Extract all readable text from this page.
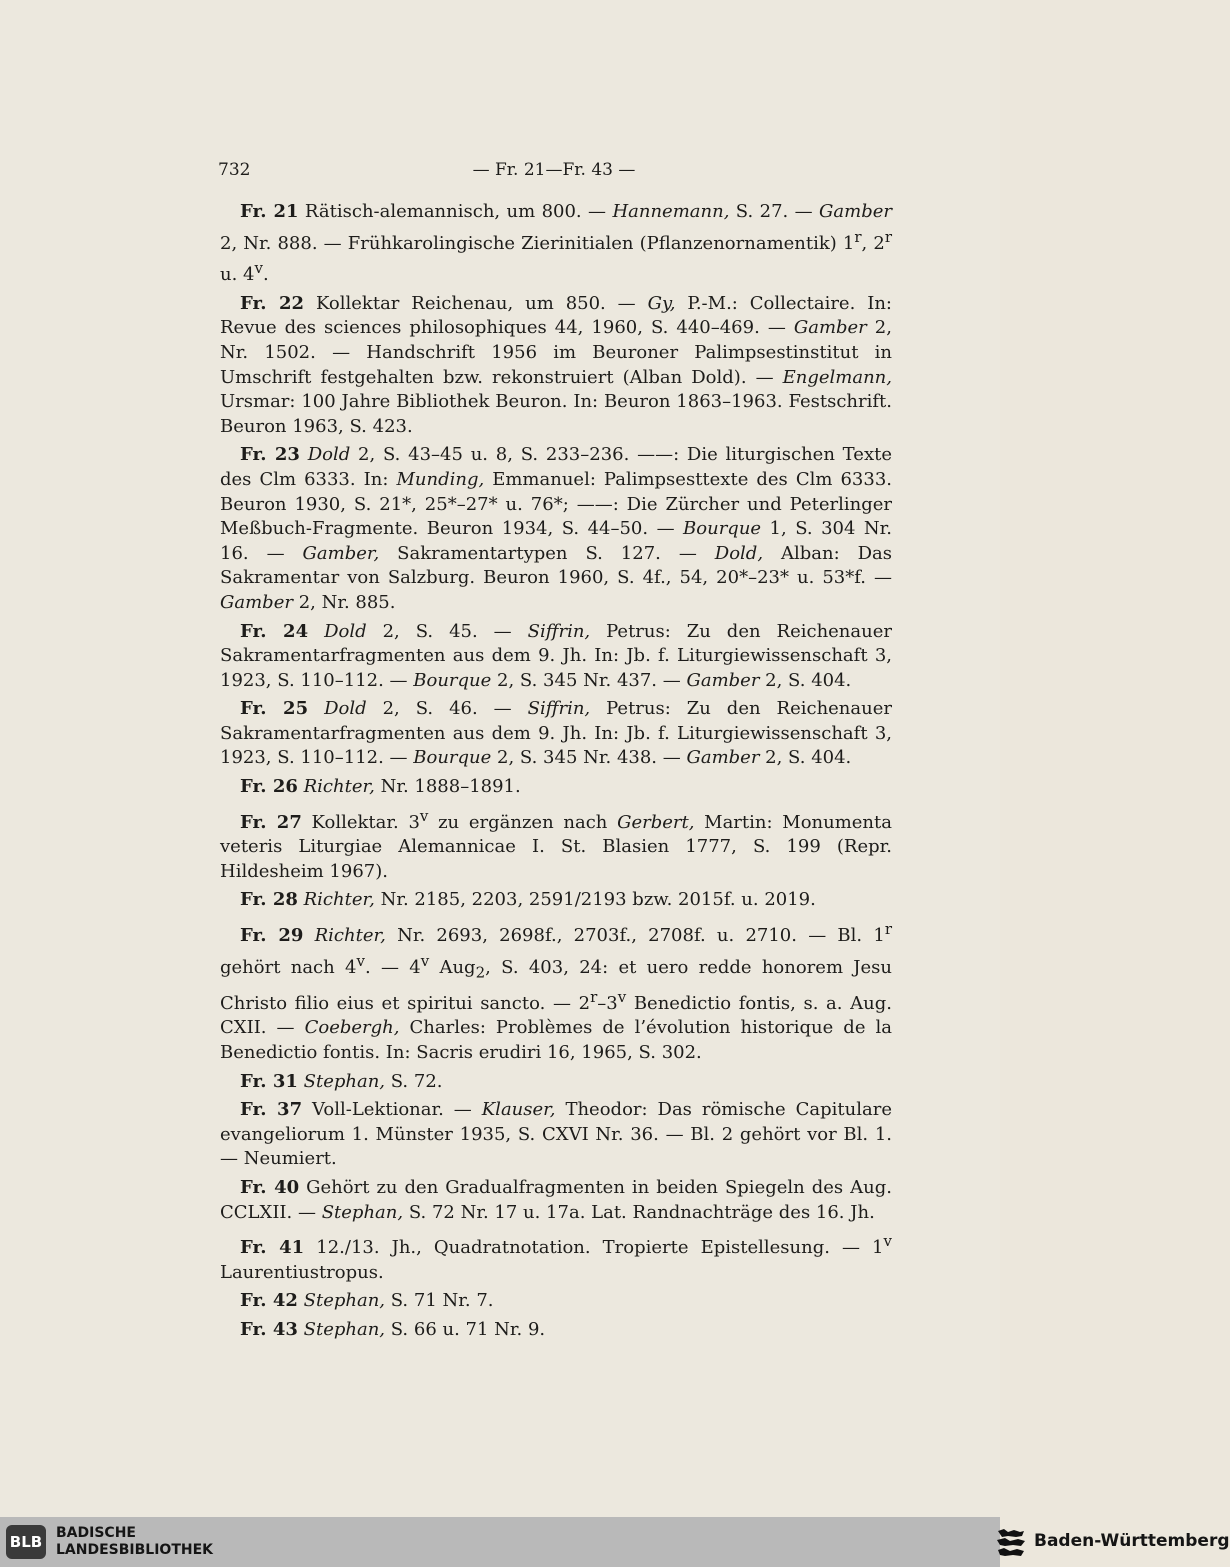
732	— Fr. 21—Fr. 43 —

Fr. 21 Rätisch-alemannisch, um 800. — Hannemann, S. 27. — Gamber 2, Nr. 888. — Frühkarolingische Zierinitialen (Pflanzenornamentik) 1$^r$, 2$^r$ u. 4$^v$.

Fr. 22 Kollektar Reichenau, um 850. — Gy, P.-M.: Collectaire. In: Revue des sciences philosophiques 44, 1960, S. 440–469. — Gamber 2, Nr. 1502. — Handschrift 1956 im Beuroner Palimpsestinstitut in Umschrift festgehalten bzw. rekonstruiert (Alban Dold). — Engelmann, Ursmar: 100 Jahre Bibliothek Beuron. In: Beuron 1863–1963. Festschrift. Beuron 1963, S. 423.

Fr. 23 Dold 2, S. 43–45 u. 8, S. 233–236. ——: Die liturgischen Texte des Clm 6333. In: Munding, Emmanuel: Palimpsesttexte des Clm 6333. Beuron 1930, S. 21*, 25*–27* u. 76*; ——: Die Zürcher und Peterlinger Meßbuch-Fragmente. Beuron 1934, S. 44–50. — Bourque 1, S. 304 Nr. 16. — Gamber, Sakramentartypen S. 127. — Dold, Alban: Das Sakramentar von Salzburg. Beuron 1960, S. 4f., 54, 20*–23* u. 53*f. — Gamber 2, Nr. 885.

Fr. 24 Dold 2, S. 45. — Siffrin, Petrus: Zu den Reichenauer Sakramentarfragmenten aus dem 9. Jh. In: Jb. f. Liturgiewissenschaft 3, 1923, S. 110–112. — Bourque 2, S. 345 Nr. 437. — Gamber 2, S. 404.

Fr. 25 Dold 2, S. 46. — Siffrin, Petrus: Zu den Reichenauer Sakramentarfragmenten aus dem 9. Jh. In: Jb. f. Liturgiewissenschaft 3, 1923, S. 110–112. — Bourque 2, S. 345 Nr. 438. — Gamber 2, S. 404.

Fr. 26 Richter, Nr. 1888–1891.

Fr. 27 Kollektar. 3$^v$ zu ergänzen nach Gerbert, Martin: Monumenta veteris Liturgiae Alemannicae I. St. Blasien 1777, S. 199 (Repr. Hildesheim 1967).

Fr. 28 Richter, Nr. 2185, 2203, 2591/2193 bzw. 2015f. u. 2019.

Fr. 29 Richter, Nr. 2693, 2698f., 2703f., 2708f. u. 2710. — Bl. 1$^r$ gehört nach 4$^v$. — 4$^v$ Aug$_2$, S. 403, 24: et uero redde honorem Jesu Christo filio eius et spiritui sancto. — 2$^r$–3$^v$ Benedictio fontis, s. a. Aug. CXII. — Coebergh, Charles: Problèmes de l’évolution historique de la Benedictio fontis. In: Sacris erudiri 16, 1965, S. 302.

Fr. 31 Stephan, S. 72.

Fr. 37 Voll-Lektionar. — Klauser, Theodor: Das römische Capitulare evangeliorum 1. Münster 1935, S. CXVI Nr. 36. — Bl. 2 gehört vor Bl. 1. — Neumiert.

Fr. 40 Gehört zu den Gradualfragmenten in beiden Spiegeln des Aug. CCLXII. — Stephan, S. 72 Nr. 17 u. 17a. Lat. Randnachträge des 16. Jh.

Fr. 41 12./13. Jh., Quadratnotation. Tropierte Epistellesung. — 1$^v$ Laurentiustropus.

Fr. 42 Stephan, S. 71 Nr. 7.

Fr. 43 Stephan, S. 66 u. 71 Nr. 9.

BLB BADISCHE
LANDESBIBLIOTHEK	Baden-Württemberg
